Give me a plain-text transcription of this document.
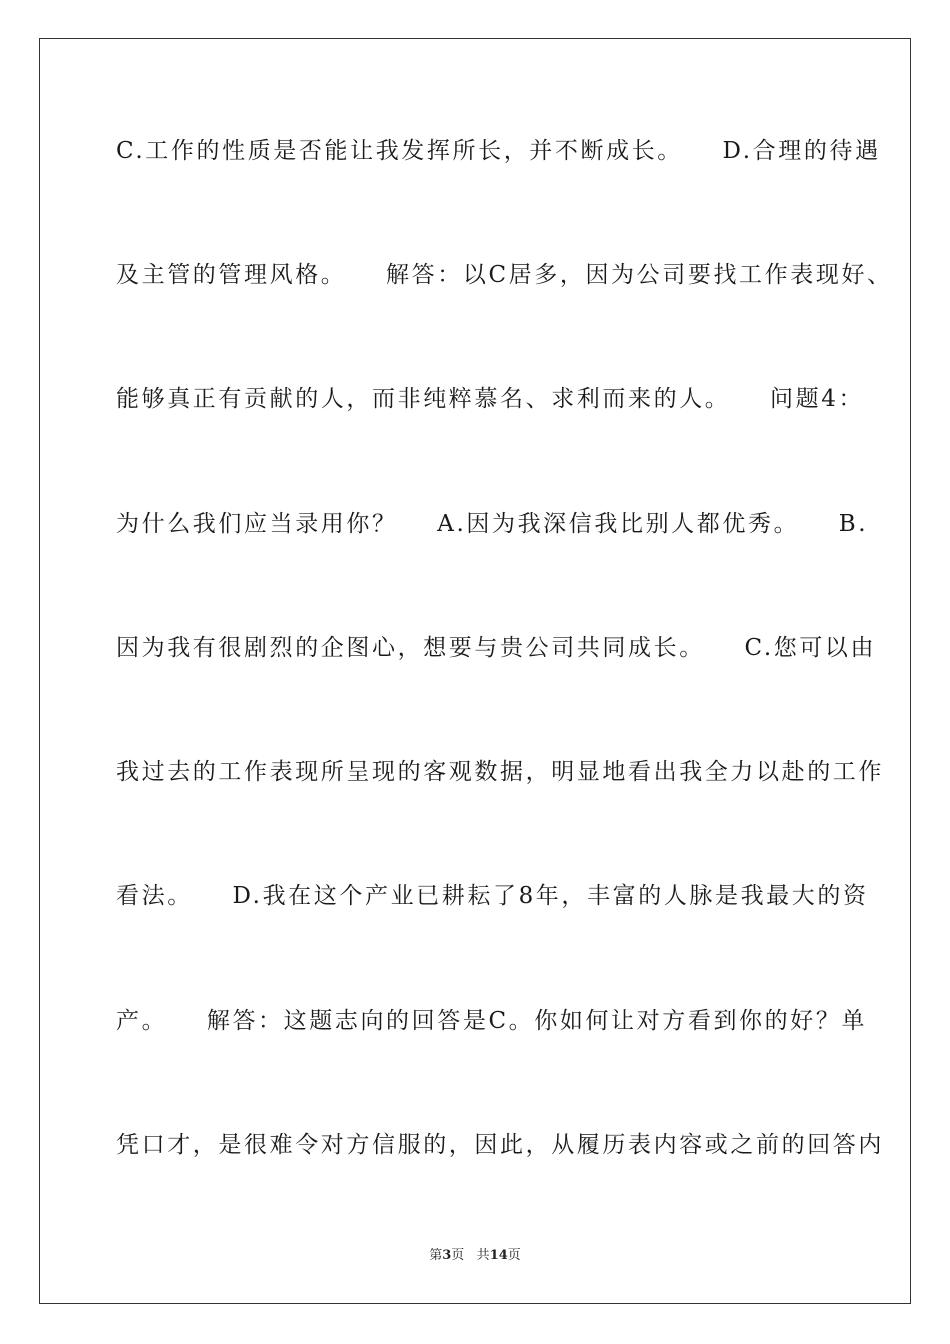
C.工作的性质是否能让我发挥所长，并不断成长。    D.合理的待遇
及主管的管理风格。    解答：以C居多，因为公司要找工作表现好、
能够真正有贡献的人，而非纯粹慕名、求利而来的人。    问题4：
为什么我们应当录用你？    A.因为我深信我比别人都优秀。    B.
因为我有很剧烈的企图心，想要与贵公司共同成长。    C.您可以由
我过去的工作表现所呈现的客观数据，明显地看出我全力以赴的工作
看法。    D.我在这个产业已耕耘了8年，丰富的人脉是我最大的资
产。    解答：这题志向的回答是C。你如何让对方看到你的好？单
凭口才，是很难令对方信服的，因此，从履历表内容或之前的回答内
第3页 共14页
